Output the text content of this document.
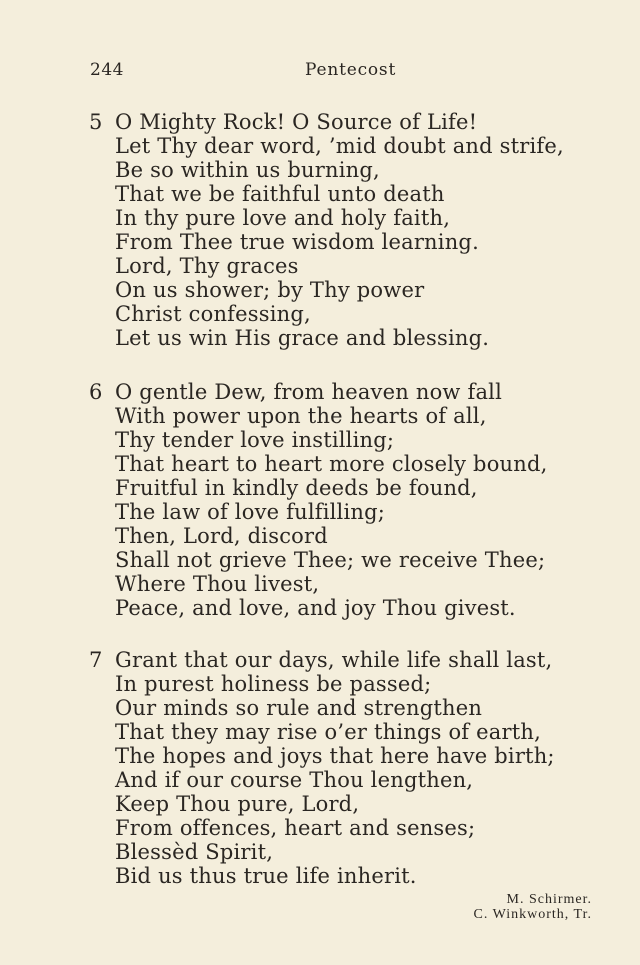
244	Pentecost
5 O Mighty Rock! O Source of Life!
Let Thy dear word, ’mid doubt and strife,
Be so within us burning,
That we be faithful unto death
In thy pure love and holy faith,
From Thee true wisdom learning.
Lord, Thy graces
On us shower; by Thy power
Christ confessing,
Let us win His grace and blessing.
6 O gentle Dew, from heaven now fall
With power upon the hearts of all,
Thy tender love instilling;
That heart to heart more closely bound,
Fruitful in kindly deeds be found,
The law of love fulfilling;
Then, Lord, discord
Shall not grieve Thee; we receive Thee;
Where Thou livest,
Peace, and love, and joy Thou givest.
7 Grant that our days, while life shall last,
In purest holiness be passed;
Our minds so rule and strengthen
That they may rise o’er things of earth,
The hopes and joys that here have birth;
And if our course Thou lengthen,
Keep Thou pure, Lord,
From offences, heart and senses;
Blessèd Spirit,
Bid us thus true life inherit.
M. Schirmer.
C. Winkworth, Tr.
